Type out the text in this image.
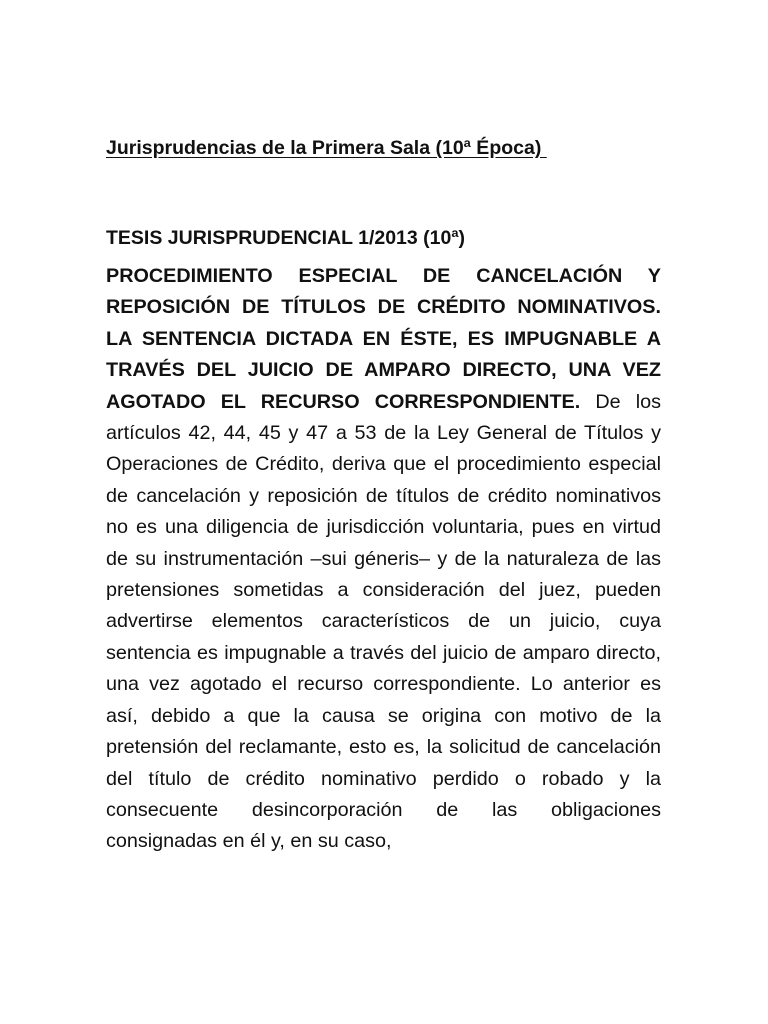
Jurisprudencias de la Primera Sala (10ª Época)
TESIS JURISPRUDENCIAL 1/2013 (10ª)
PROCEDIMIENTO ESPECIAL DE CANCELACIÓN Y REPOSICIÓN DE TÍTULOS DE CRÉDITO NOMINATIVOS. LA SENTENCIA DICTADA EN ÉSTE, ES IMPUGNABLE A TRAVÉS DEL JUICIO DE AMPARO DIRECTO, UNA VEZ AGOTADO EL RECURSO CORRESPONDIENTE. De los artículos 42, 44, 45 y 47 a 53 de la Ley General de Títulos y Operaciones de Crédito, deriva que el procedimiento especial de cancelación y reposición de títulos de crédito nominativos no es una diligencia de jurisdicción voluntaria, pues en virtud de su instrumentación –sui géneris– y de la naturaleza de las pretensiones sometidas a consideración del juez, pueden advertirse elementos característicos de un juicio, cuya sentencia es impugnable a través del juicio de amparo directo, una vez agotado el recurso correspondiente. Lo anterior es así, debido a que la causa se origina con motivo de la pretensión del reclamante, esto es, la solicitud de cancelación del título de crédito nominativo perdido o robado y la consecuente desincorporación de las obligaciones consignadas en él y, en su caso,
